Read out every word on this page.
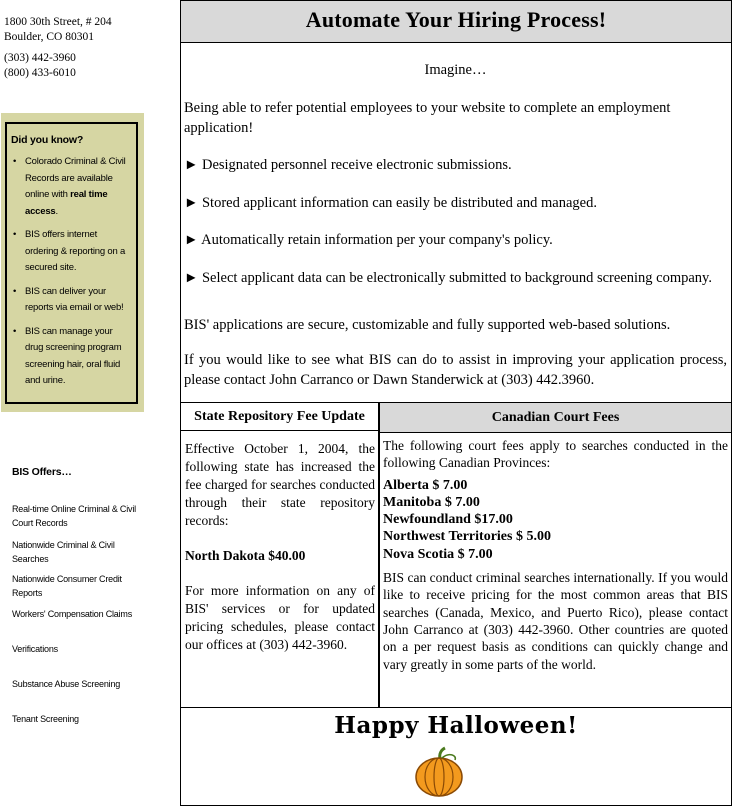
1800 30th Street, # 204
Boulder, CO 80301
(303) 442-3960
(800) 433-6010
Did you know?
• Colorado Criminal & Civil Records are available online with real time access.
• BIS offers internet ordering & reporting on a secured site.
• BIS can deliver your reports via email or web!
• BIS can manage your drug screening program screening hair, oral fluid and urine.
BIS Offers…
Real-time Online Criminal & Civil Court Records
Nationwide Criminal & Civil Searches
Nationwide Consumer Credit Reports
Workers' Compensation Claims
Verifications
Substance Abuse Screening
Tenant Screening
Automate Your Hiring Process!
Imagine…
Being able to refer potential employees to your website to complete an employment application!
► Designated personnel receive electronic submissions.
► Stored applicant information can easily be distributed and managed.
► Automatically retain information per your company's policy.
► Select applicant data can be electronically submitted to background screening company.
BIS' applications are secure, customizable and fully supported web-based solutions.
If you would like to see what BIS can do to assist in improving your application process, please contact John Carranco or Dawn Standerwick at (303) 442.3960.
State Repository Fee Update
Effective October 1, 2004, the following state has increased the fee charged for searches conducted through their state repository records:
North Dakota $40.00
For more information on any of BIS' services or for updated pricing schedules, please contact our offices at (303) 442-3960.
Canadian Court Fees
The following court fees apply to searches conducted in the following Canadian Provinces:
Alberta $ 7.00
Manitoba $ 7.00
Newfoundland $17.00
Northwest Territories $ 5.00
Nova Scotia $ 7.00
BIS can conduct criminal searches internationally. If you would like to receive pricing for the most common areas that BIS searches (Canada, Mexico, and Puerto Rico), please contact John Carranco at (303) 442-3960. Other countries are quoted on a per request basis as conditions can quickly change and vary greatly in some parts of the world.
Happy Halloween!
